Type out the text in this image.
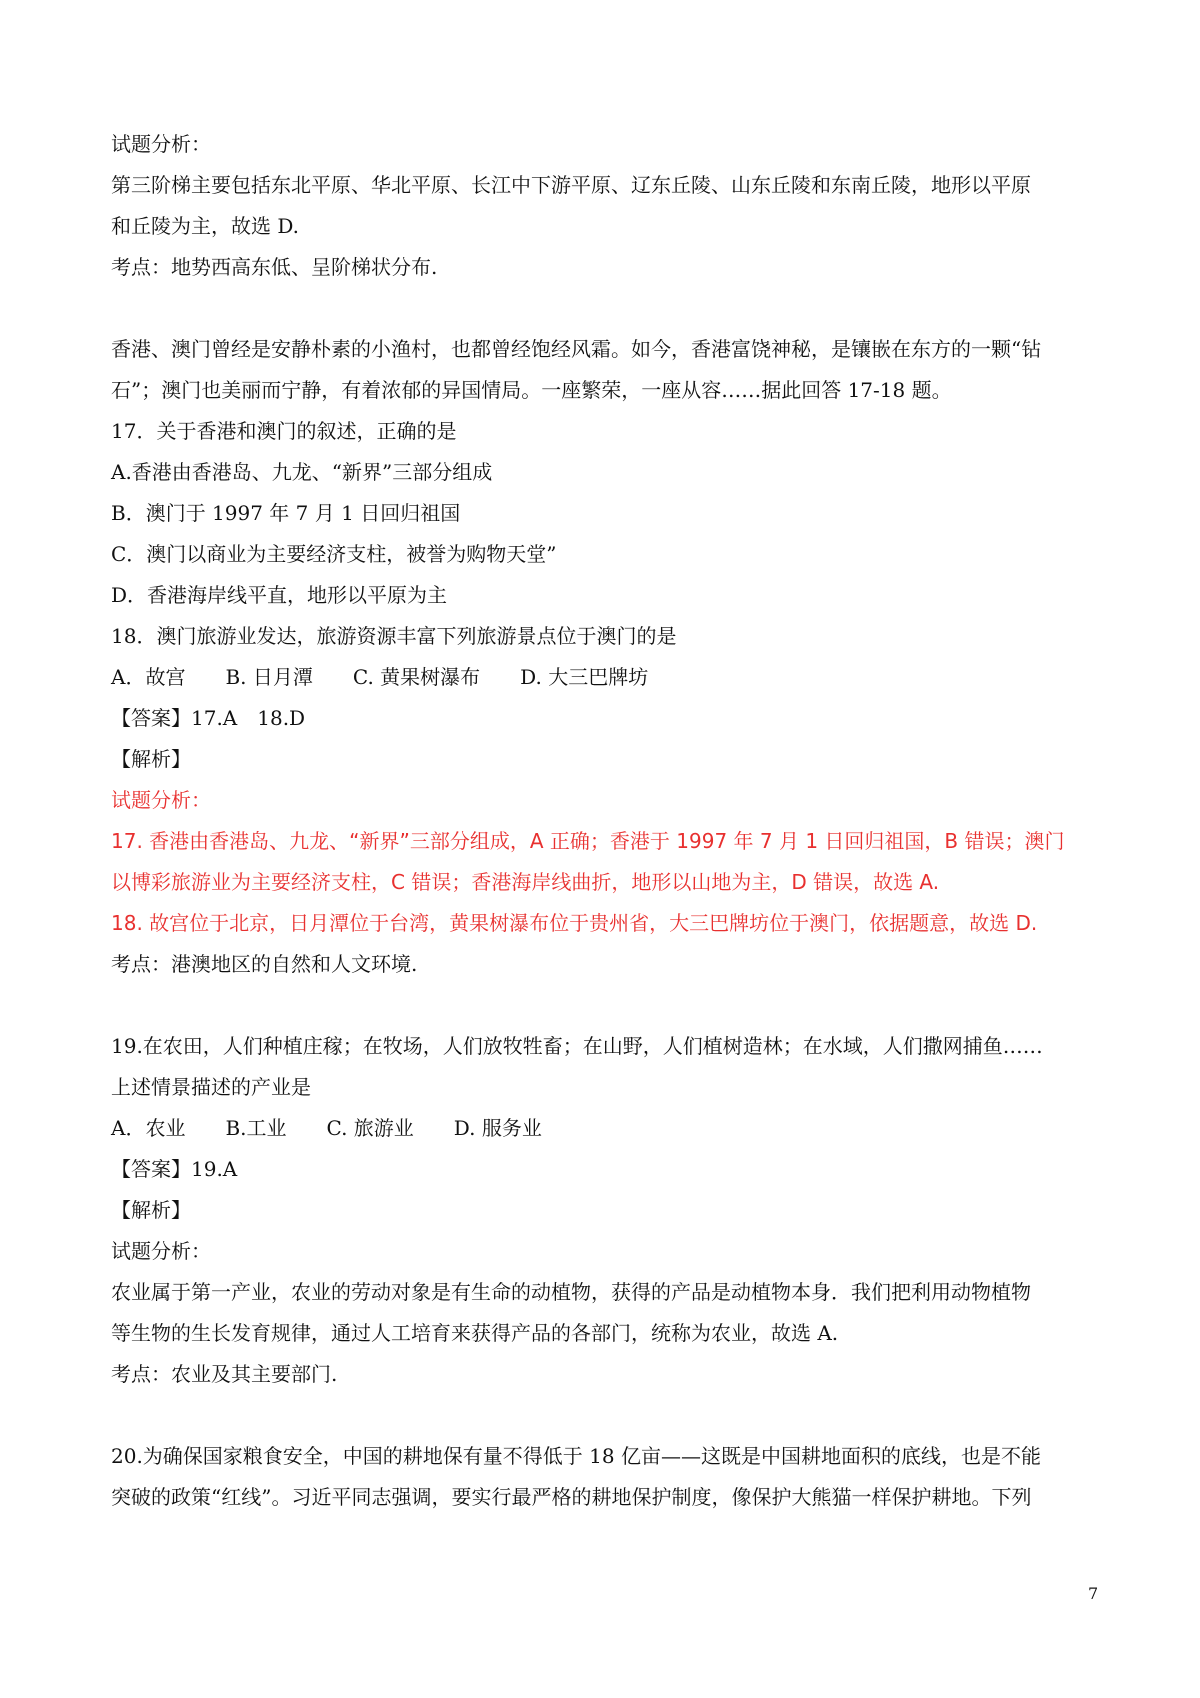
试题分析：
第三阶梯主要包括东北平原、华北平原、长江中下游平原、辽东丘陵、山东丘陵和东南丘陵，地形以平原
和丘陵为主，故选 D.
考点：地势西高东低、呈阶梯状分布.
香港、澳门曾经是安静朴素的小渔村，也都曾经饱经风霜。如今，香港富饶神秘，是镶嵌在东方的一颗“钻
石”；澳门也美丽而宁静，有着浓郁的异国情局。一座繁荣，一座从容……据此回答 17-18 题。
17．关于香港和澳门的叙述，正确的是
A.香港由香港岛、九龙、“新界”三部分组成
B．澳门于 1997 年 7 月 1 日回归祖国
C．澳门以商业为主要经济支柱，被誉为购物天堂”
D．香港海岸线平直，地形以平原为主
18．澳门旅游业发达，旅游资源丰富下列旅游景点位于澳门的是
A．故宫　　B. 日月潭　　C. 黄果树瀑布　　D. 大三巴牌坊
【答案】17.A　18.D
【解析】
试题分析：
17. 香港由香港岛、九龙、“新界”三部分组成，A 正确；香港于 1997 年 7 月 1 日回归祖国，B 错误；澳门
以博彩旅游业为主要经济支柱，C 错误；香港海岸线曲折，地形以山地为主，D 错误，故选 A.
18. 故宫位于北京，日月潭位于台湾，黄果树瀑布位于贵州省，大三巴牌坊位于澳门，依据题意，故选 D.
考点：港澳地区的自然和人文环境.
19.在农田，人们种植庄稼；在牧场，人们放牧牲畜；在山野，人们植树造林；在水域，人们撒网捕鱼……
上述情景描述的产业是
A．农业　　B.工业　　C. 旅游业　　D. 服务业
【答案】19.A
【解析】
试题分析：
农业属于第一产业，农业的劳动对象是有生命的动植物，获得的产品是动植物本身．我们把利用动物植物
等生物的生长发育规律，通过人工培育来获得产品的各部门，统称为农业，故选 A.
考点：农业及其主要部门.
20.为确保国家粮食安全，中国的耕地保有量不得低于 18 亿亩——这既是中国耕地面积的底线，也是不能
突破的政策“红线”。习近平同志强调，要实行最严格的耕地保护制度，像保护大熊猫一样保护耕地。下列
7
